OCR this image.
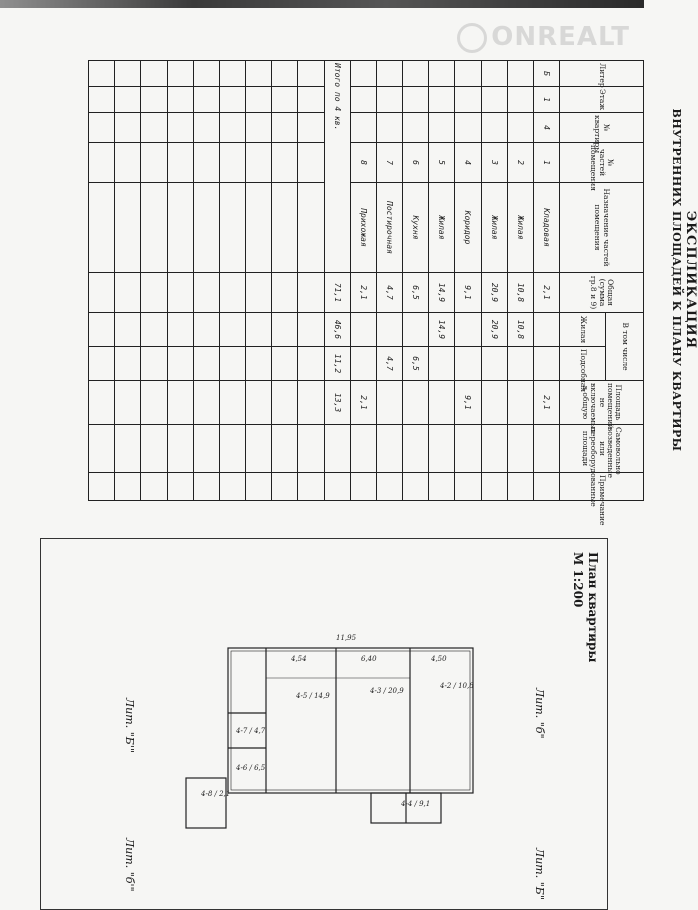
ONREALT
ЭКСПЛИКАЦИЯ
ВНУТРЕННИХ ПЛОЩАДЕЙ К ПЛАНУ КВАРТИРЫ
Литер	Этаж	№ квартиры	№ частей помещения	Назначение частей помещения	Общая (сумма гр.8 и 9)	В том числе		Площадь помещений не включаемых в общую	Самовольно возведенные или переоборудованные площади	Примечание
						Жилая	Подсобная			
Б	1	4	1	Кладовая	2,1			2,1		
			2	Жилая	10,8	10,8				
			3	Жилая	20,9	20,9				
			4	Коридор	9,1			9,1		
			5	Жилая	14,9	14,9				
			6	Кухня	6,5		6,5			
			7	Постирочная	4,7		4,7			
			8	Прихожая	2,1			2,1		
Итого по 4 кв.					71,1	46,6	11,2	13,3		

План квартиры
М 1:200
4-2 / 10,8
4-3 / 20,9
4-5 / 14,9
4-7 / 4,7
4-6 / 6,5
4-4 / 9,1
4-8 / 2,1
11,95
4,50
6,40
4,54
Лит. "б"
Лит. "Б"
Лит. "Б'"
Лит. "б'"
